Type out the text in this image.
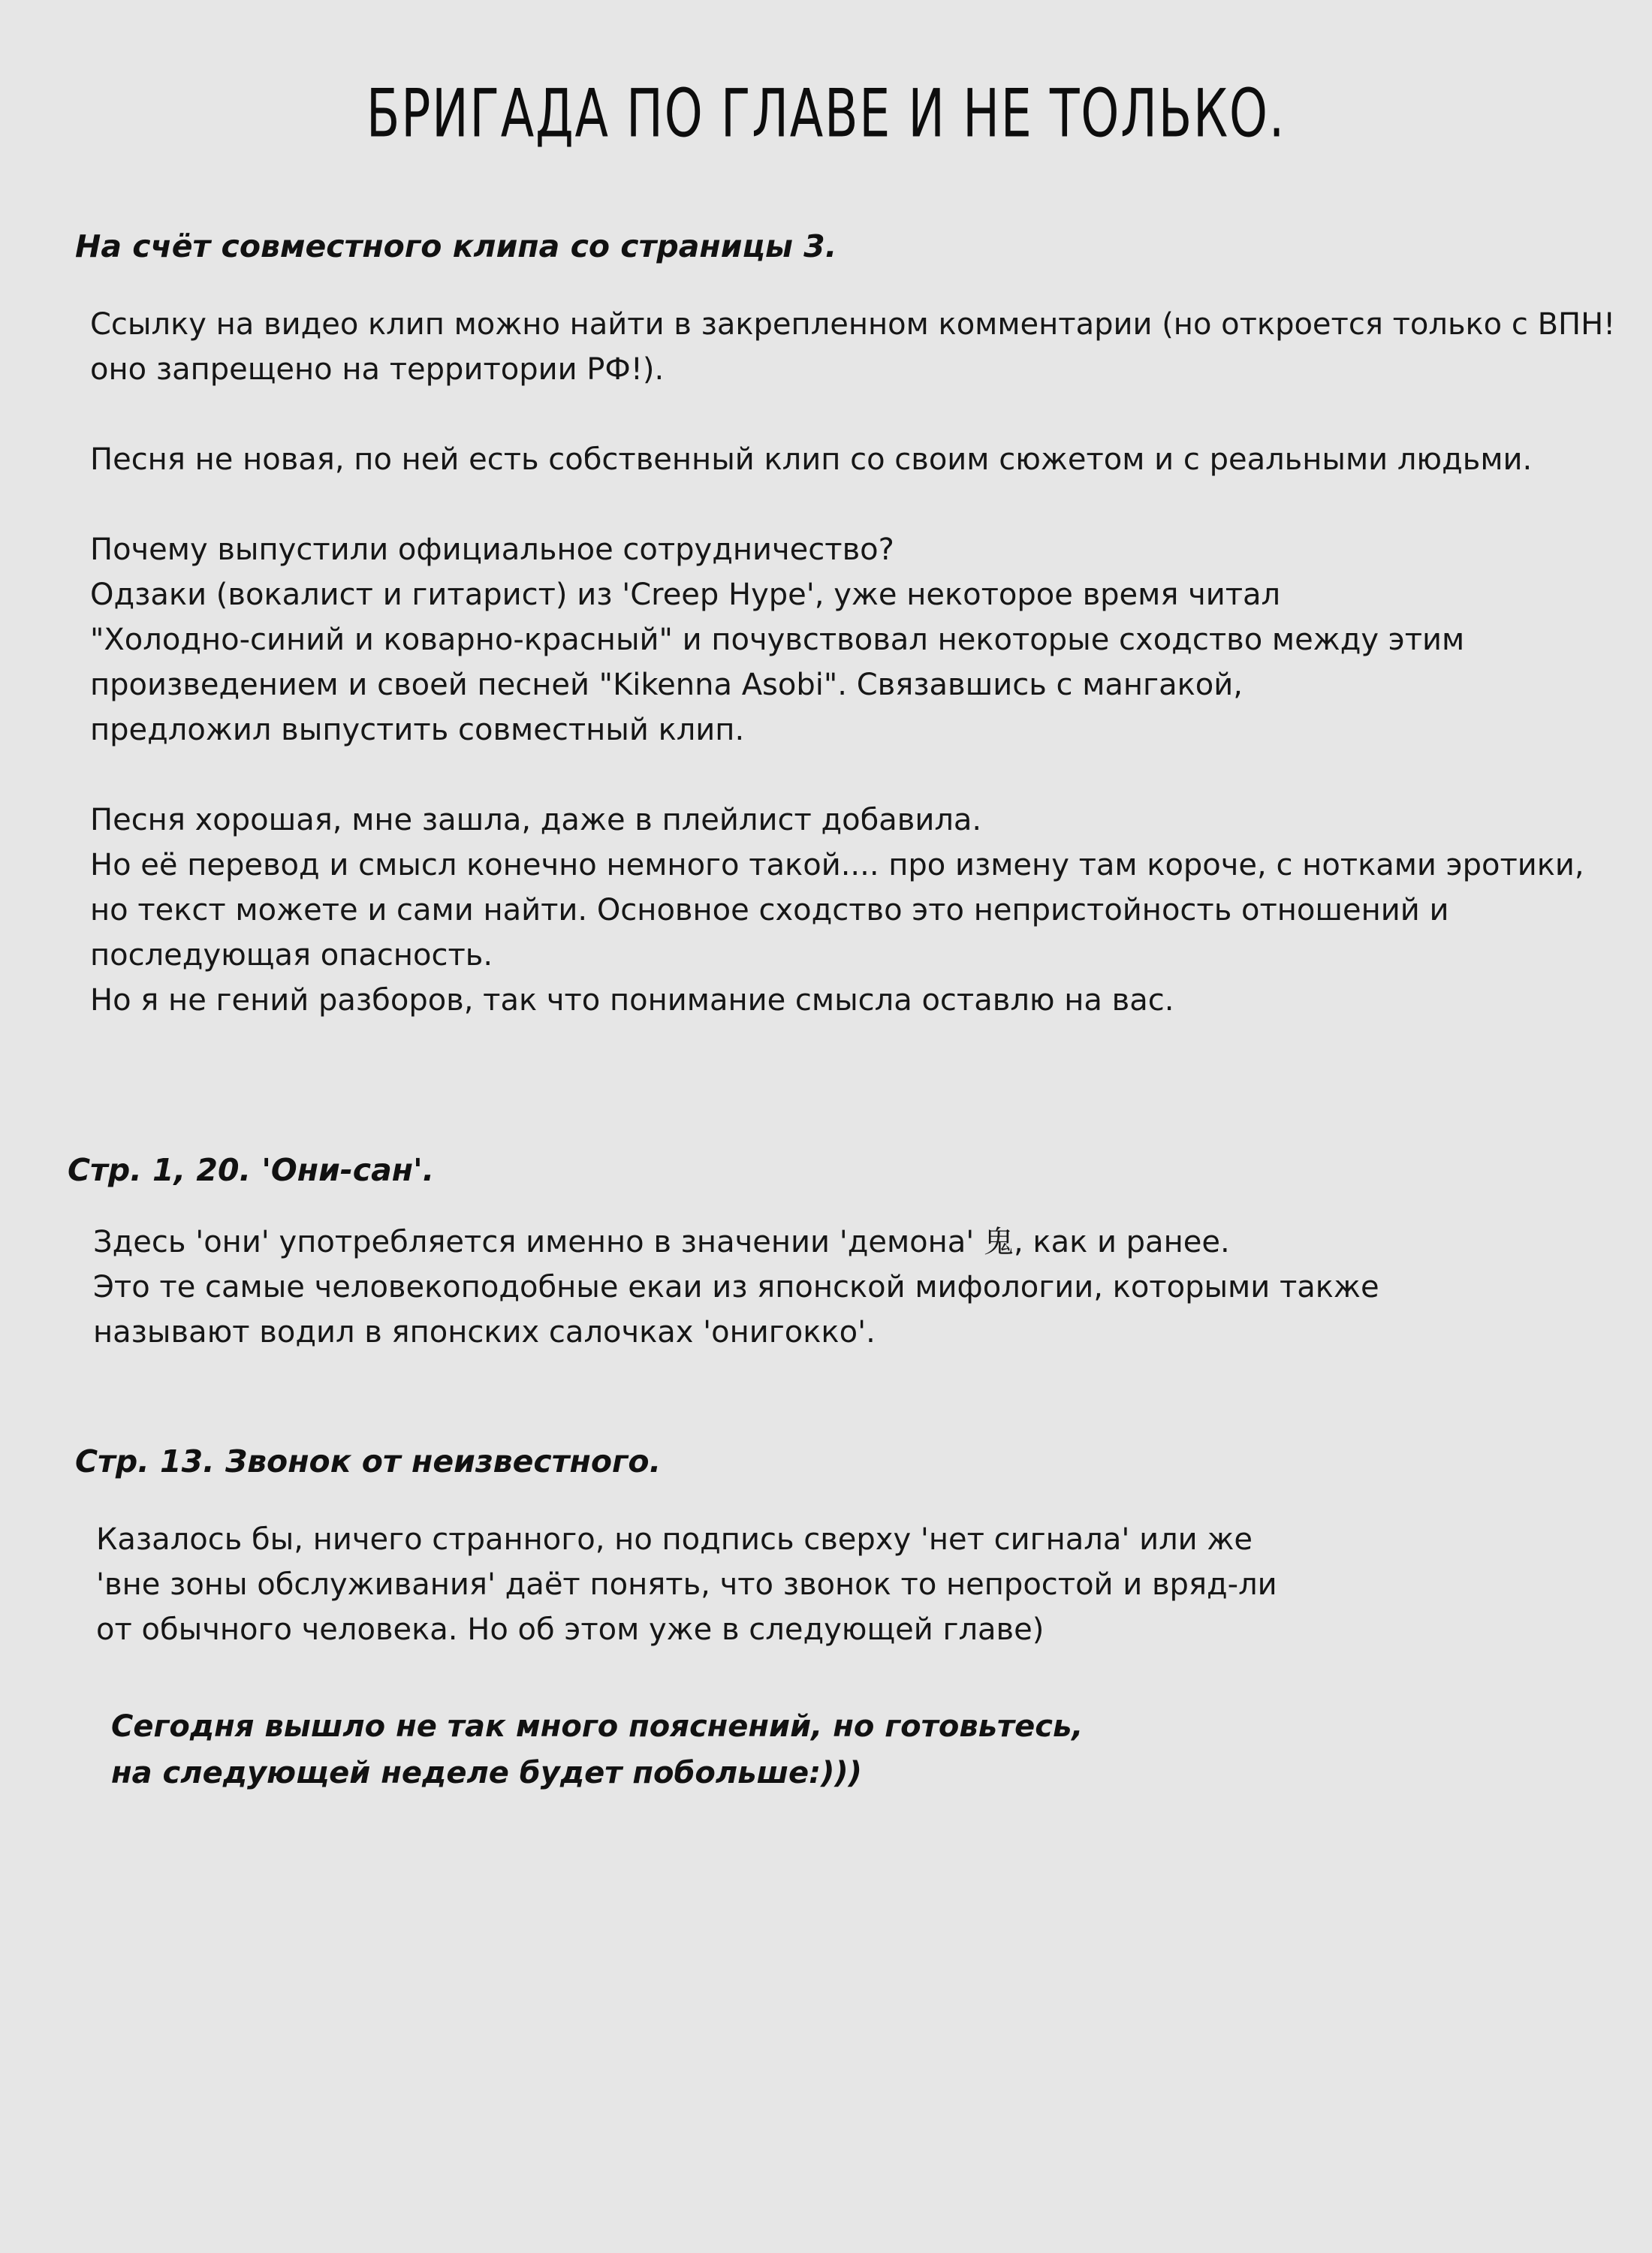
БРИГАДА ПО ГЛАВЕ И НЕ ТОЛЬКО.
На счёт совместного клипа со страницы 3.
Ссылку на видео клип можно найти в закрепленном комментарии (но откроется только с ВПН!
оно запрещено на территории РФ!).
Песня не новая, по ней есть собственный клип со своим сюжетом и с реальными людьми.
Почему выпустили официальное сотрудничество?
Одзаки (вокалист и гитарист) из 'Creep Hype', уже некоторое время читал
"Холодно-синий и коварно-красный" и почувствовал некоторые сходство между этим
произведением и своей песней "Kikenna Asobi". Связавшись с мангакой,
предложил выпустить совместный клип.
Песня хорошая, мне зашла, даже в плейлист добавила.
Но её перевод и смысл конечно немного такой.... про измену там короче, с нотками эротики,
но текст можете и сами найти. Основное сходство это непристойность отношений и
последующая опасность.
Но я не гений разборов, так что понимание смысла оставлю на вас.
Стр. 1, 20. 'Они-сан'.
Здесь 'они' употребляется именно в значении 'демона' 鬼, как и ранее.
Это те самые человекоподобные екаи из японской мифологии, которыми также
называют водил в японских салочках 'онигокко'.
Стр. 13. Звонок от неизвестного.
Казалось бы, ничего странного, но подпись сверху 'нет сигнала' или же
'вне зоны обслуживания' даёт понять, что звонок то непростой и вряд-ли
от обычного человека. Но об этом уже в следующей главе)
Сегодня вышло не так много пояснений, но готовьтесь,
на следующей неделе будет побольше:)))
